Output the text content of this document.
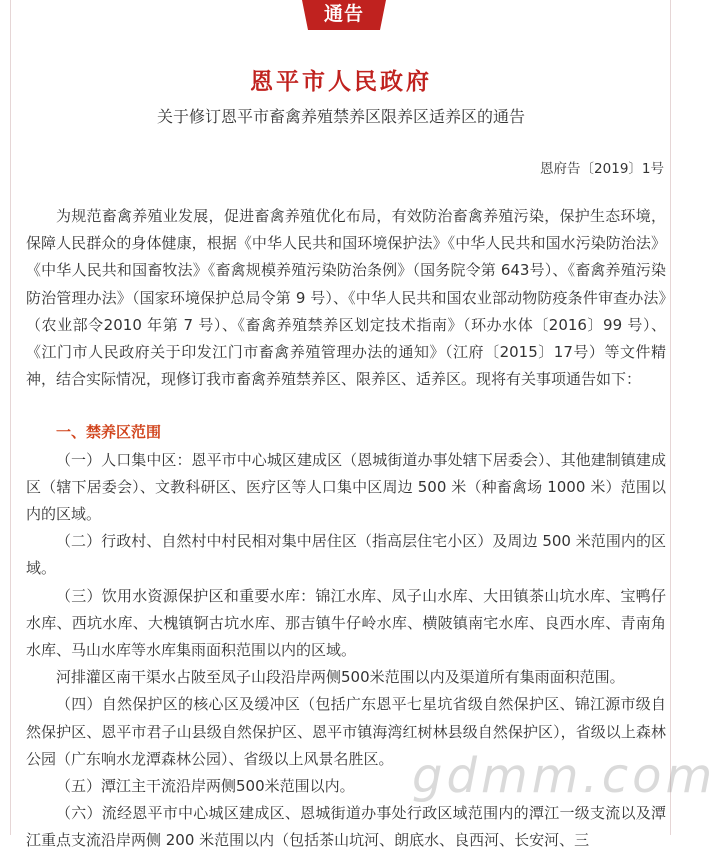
通告
恩平市人民政府
关于修订恩平市畜禽养殖禁养区限养区适养区的通告
恩府告〔2019〕1号

为规范畜禽养殖业发展，促进畜禽养殖优化布局，有效防治畜禽养殖污染，保护生态环境，保障人民群众的身体健康，根据《中华人民共和国环境保护法》《中华人民共和国水污染防治法》《中华人民共和国畜牧法》《畜禽规模养殖污染防治条例》（国务院令第 643号）、《畜禽养殖污染防治管理办法》（国家环境保护总局令第 9 号）、《中华人民共和国农业部动物防疫条件审查办法》（农业部令2010 年第 7 号）、《畜禽养殖禁养区划定技术指南》（环办水体〔2016〕99 号）、《江门市人民政府关于印发江门市畜禽养殖管理办法的通知》（江府〔2015〕17号）等文件精神，结合实际情况，现修订我市畜禽养殖禁养区、限养区、适养区。现将有关事项通告如下：

一、禁养区范围

（一）人口集中区：恩平市中心城区建成区（恩城街道办事处辖下居委会）、其他建制镇建成区（辖下居委会）、文教科研区、医疗区等人口集中区周边 500 米（种畜禽场 1000 米）范围以内的区域。

（二）行政村、自然村中村民相对集中居住区（指高层住宅小区）及周边 500 米范围内的区域。

（三）饮用水资源保护区和重要水库：锦江水库、凤子山水库、大田镇茶山坑水库、宝鸭仔水库、西坑水库、大槐镇锕古坑水库、那吉镇牛仔岭水库、横陂镇南宅水库、良西水库、青南角水库、马山水库等水库集雨面积范围以内的区域。

河排灌区南干渠水占陂至凤子山段沿岸两侧500米范围以内及渠道所有集雨面积范围。

（四）自然保护区的核心区及缓冲区（包括广东恩平七星坑省级自然保护区、锦江源市级自然保护区、恩平市君子山县级自然保护区、恩平市镇海湾红树林县级自然保护区），省级以上森林公园（广东响水龙潭森林公园）、省级以上风景名胜区。

（五）潭江主干流沿岸两侧500米范围以内。

（六）流经恩平市中心城区建成区、恩城街道办事处行政区域范围内的潭江一级支流以及潭江重点支流沿岸两侧 200 米范围以内（包括茶山坑河、朗底水、良西河、长安河、三

gdmm.com
